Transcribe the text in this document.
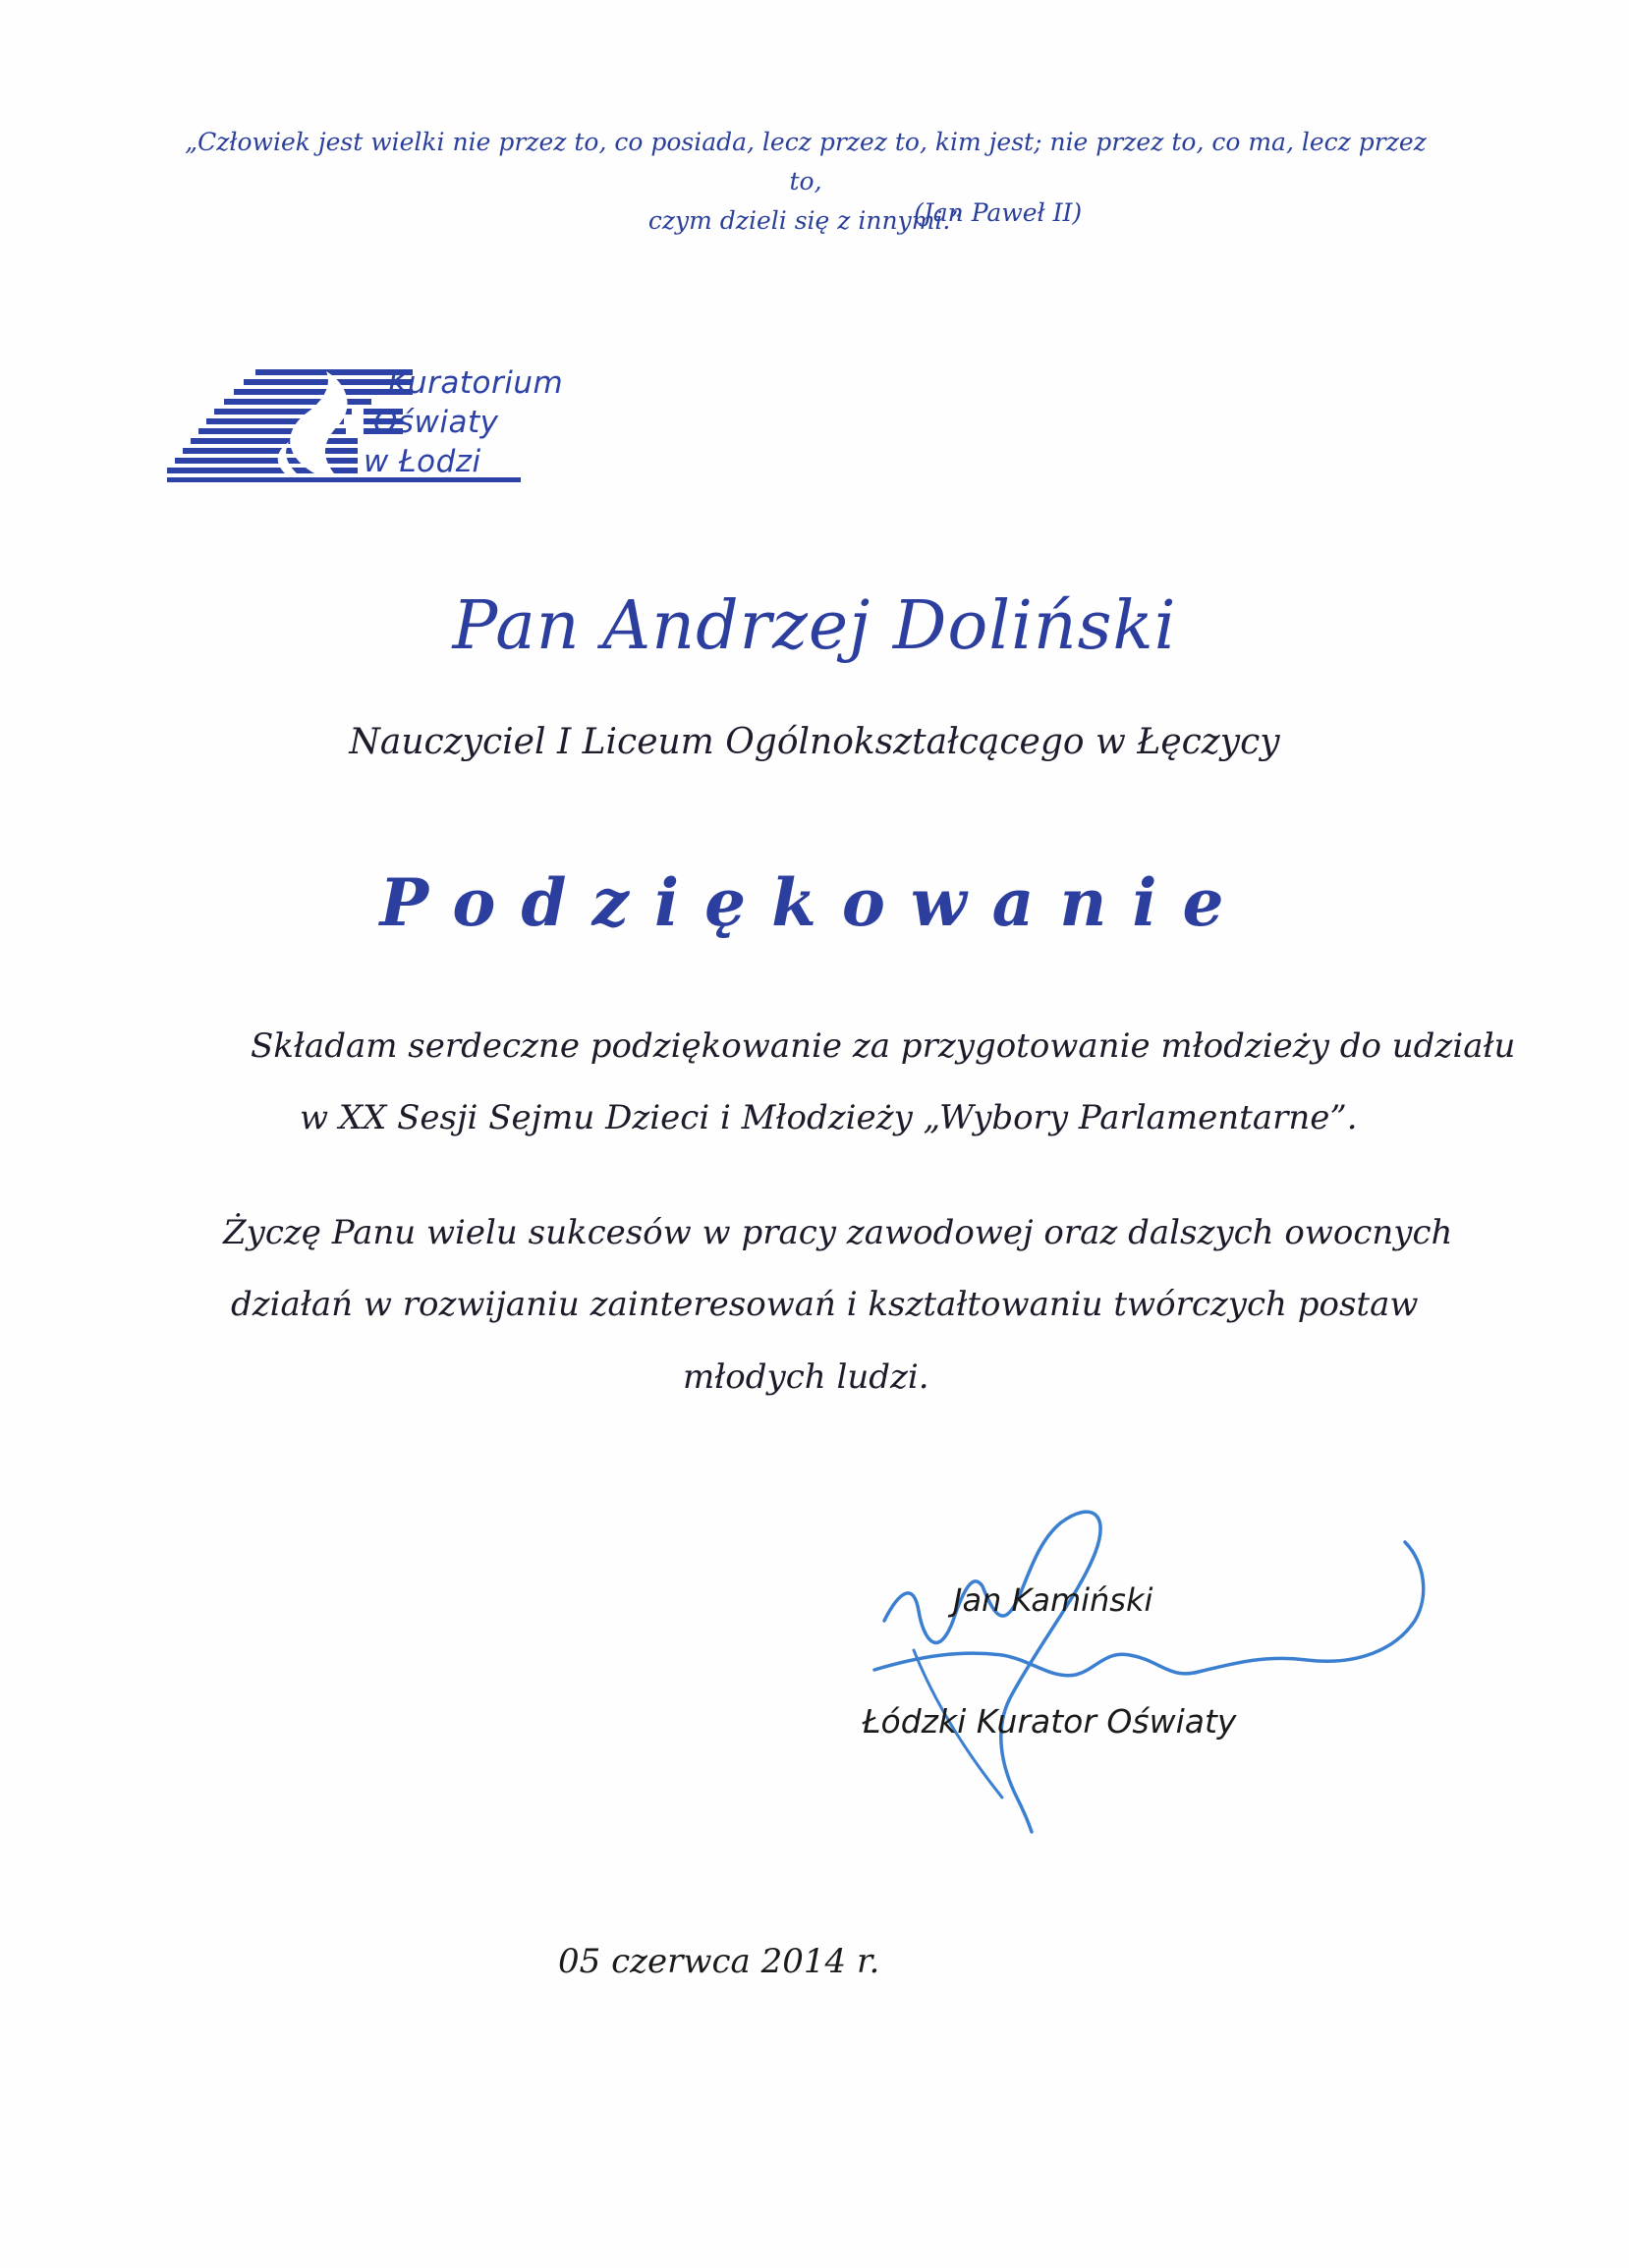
„Człowiek jest wielki nie przez to, co posiada, lecz przez to, kim jest; nie przez to, co ma, lecz przez to,
czym dzieli się z innymi.”
(Jan Paweł II)
Kuratorium
Oświaty
w Łodzi
Pan Andrzej Doliński
Nauczyciel I Liceum Ogólnokształcącego w Łęczycy
Podziękowanie
Składam serdeczne podziękowanie za przygotowanie młodzieży do udziału
w XX Sesji Sejmu Dzieci i Młodzieży „Wybory Parlamentarne”.
Życzę Panu wielu sukcesów w pracy zawodowej oraz dalszych owocnych
działań w rozwijaniu zainteresowań i kształtowaniu twórczych postaw
młodych ludzi.
Jan Kamiński
Łódzki Kurator Oświaty
05 czerwca 2014 r.
